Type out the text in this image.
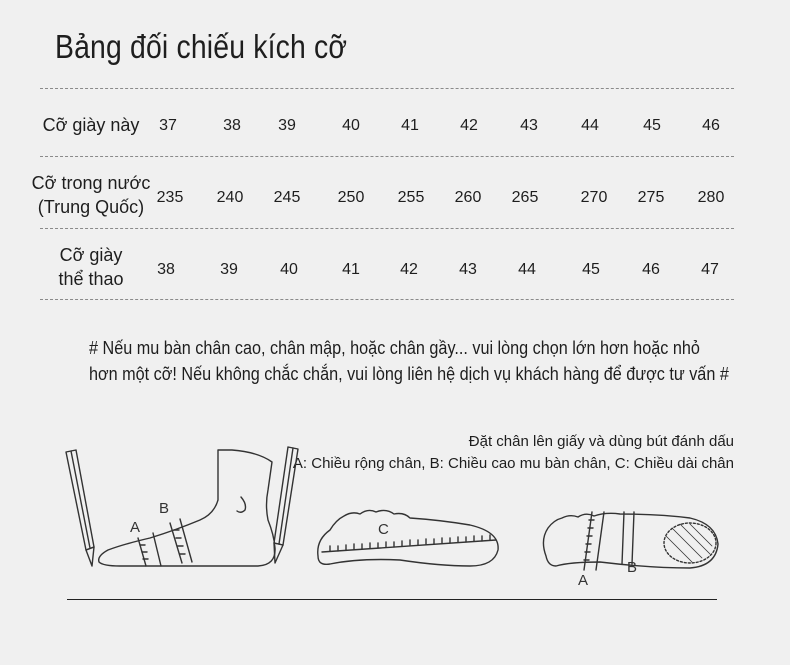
Bảng đối chiếu kích cỡ
Cỡ giày này 37	38 39	40	41	42	43	44	45	46
Cỡ trong nước
(Trung Quốc) 235 240 245 250 255 260 265	270 275 280
Cỡ giày
thể thao 38	39	40	41	42	43	44	45	46	47
# Nếu mu bàn chân cao, chân mập, hoặc chân gầy... vui lòng chọn lớn hơn hoặc nhỏ
hơn một cỡ! Nếu không chắc chắn, vui lòng liên hệ dịch vụ khách hàng để được tư vấn #
Đặt chân lên giấy và dùng bút đánh dấu
A: Chiều rộng chân, B: Chiều cao mu bàn chân, C: Chiều dài chân
A
B
C
A
B
